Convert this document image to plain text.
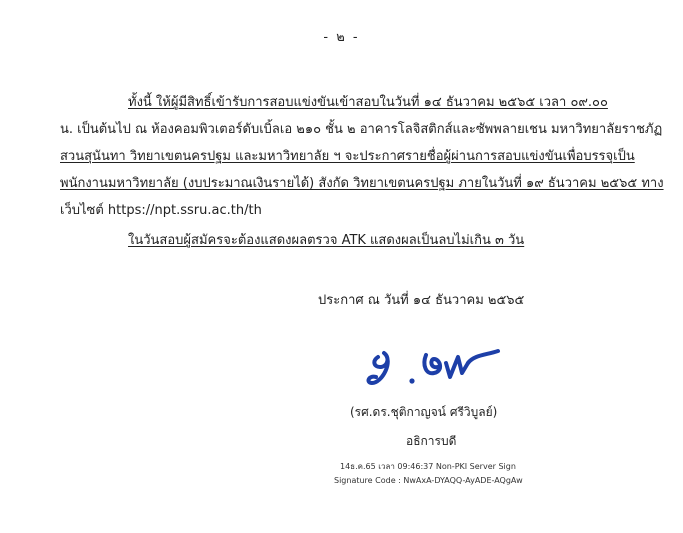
- ๒ -
ทั้งนี้ ให้ผู้มีสิทธิ์เข้ารับการสอบแข่งขันเข้าสอบในวันที่ ๑๔ ธันวาคม ๒๕๖๕ เวลา ๐๙.๐๐
น. เป็นต้นไป ณ ห้องคอมพิวเตอร์ดับเบิ้ลเอ ๒๑๐ ชั้น ๒ อาคารโลจิสติกส์และซัพพลายเชน มหาวิทยาลัยราชภัฏ
สวนสุนันทา วิทยาเขตนครปฐม และมหาวิทยาลัย ฯ จะประกาศรายชื่อผู้ผ่านการสอบแข่งขันเพื่อบรรจุเป็น
พนักงานมหาวิทยาลัย (งบประมาณเงินรายได้) สังกัด วิทยาเขตนครปฐม ภายในวันที่ ๑๙ ธันวาคม ๒๕๖๕ ทาง
เว็บไซต์ https://npt.ssru.ac.th/th
ในวันสอบผู้สมัครจะต้องแสดงผลตรวจ ATK แสดงผลเป็นลบไม่เกิน ๓ วัน
ประกาศ ณ วันที่ ๑๔ ธันวาคม ๒๕๖๕
(รศ.ดร.ชุติกาญจน์ ศรีวิบูลย์)
อธิการบดี
14ธ.ค.65 เวลา 09:46:37 Non-PKI Server Sign
Signature Code : NwAxA-DYAQQ-AyADE-AQgAw
